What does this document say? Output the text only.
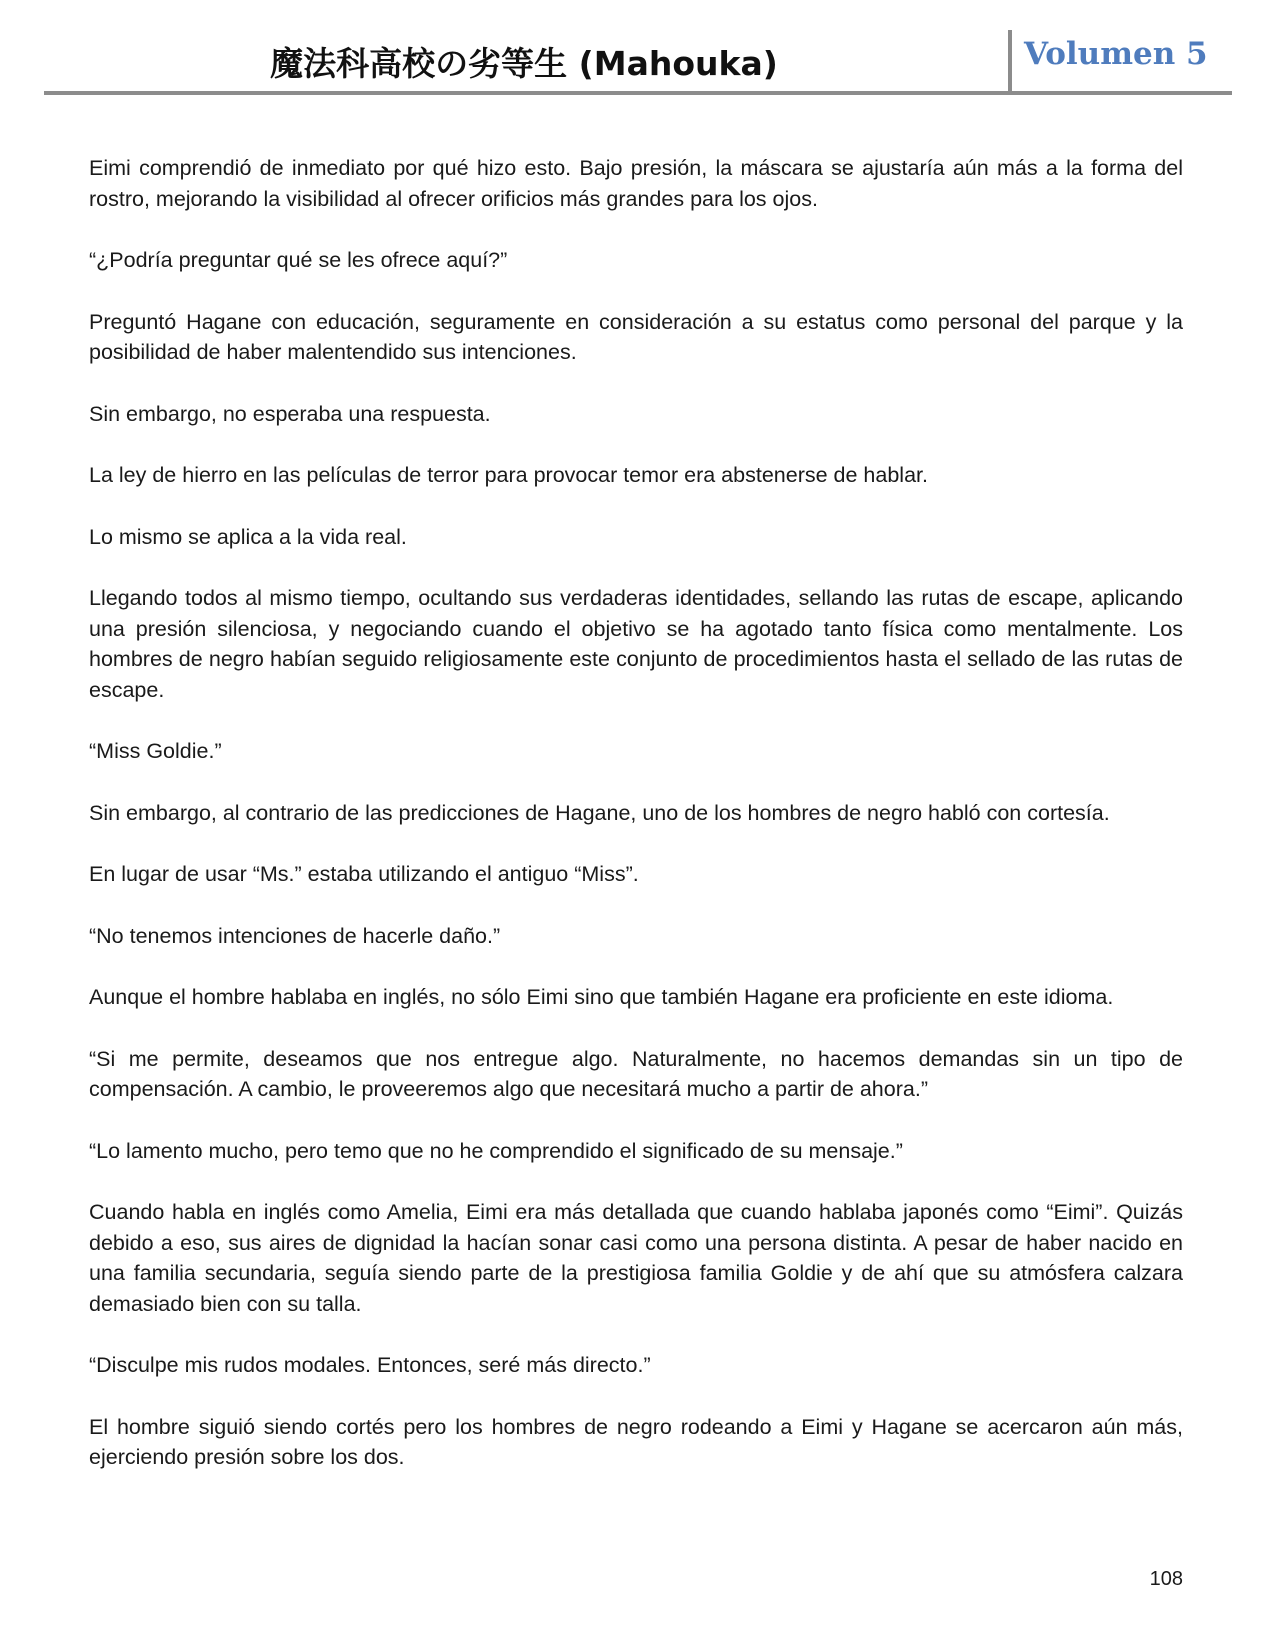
魔法科高校の劣等生 (Mahouka)	Volumen 5

Eimi comprendió de inmediato por qué hizo esto. Bajo presión, la máscara se ajustaría aún más a la forma del rostro, mejorando la visibilidad al ofrecer orificios más grandes para los ojos.

“¿Podría preguntar qué se les ofrece aquí?”

Preguntó Hagane con educación, seguramente en consideración a su estatus como personal del parque y la posibilidad de haber malentendido sus intenciones.

Sin embargo, no esperaba una respuesta.

La ley de hierro en las películas de terror para provocar temor era abstenerse de hablar.

Lo mismo se aplica a la vida real.

Llegando todos al mismo tiempo, ocultando sus verdaderas identidades, sellando las rutas de escape, aplicando una presión silenciosa, y negociando cuando el objetivo se ha agotado tanto física como mentalmente. Los hombres de negro habían seguido religiosamente este conjunto de procedimientos hasta el sellado de las rutas de escape.

“Miss Goldie.”

Sin embargo, al contrario de las predicciones de Hagane, uno de los hombres de negro habló con cortesía.

En lugar de usar “Ms.” estaba utilizando el antiguo “Miss”.

“No tenemos intenciones de hacerle daño.”

Aunque el hombre hablaba en inglés, no sólo Eimi sino que también Hagane era proficiente en este idioma.

“Si me permite, deseamos que nos entregue algo. Naturalmente, no hacemos demandas sin un tipo de compensación. A cambio, le proveeremos algo que necesitará mucho a partir de ahora.”

“Lo lamento mucho, pero temo que no he comprendido el significado de su mensaje.”

Cuando habla en inglés como Amelia, Eimi era más detallada que cuando hablaba japonés como “Eimi”. Quizás debido a eso, sus aires de dignidad la hacían sonar casi como una persona distinta. A pesar de haber nacido en una familia secundaria, seguía siendo parte de la prestigiosa familia Goldie y de ahí que su atmósfera calzara demasiado bien con su talla.

“Disculpe mis rudos modales. Entonces, seré más directo.”

El hombre siguió siendo cortés pero los hombres de negro rodeando a Eimi y Hagane se acercaron aún más, ejerciendo presión sobre los dos.

108
